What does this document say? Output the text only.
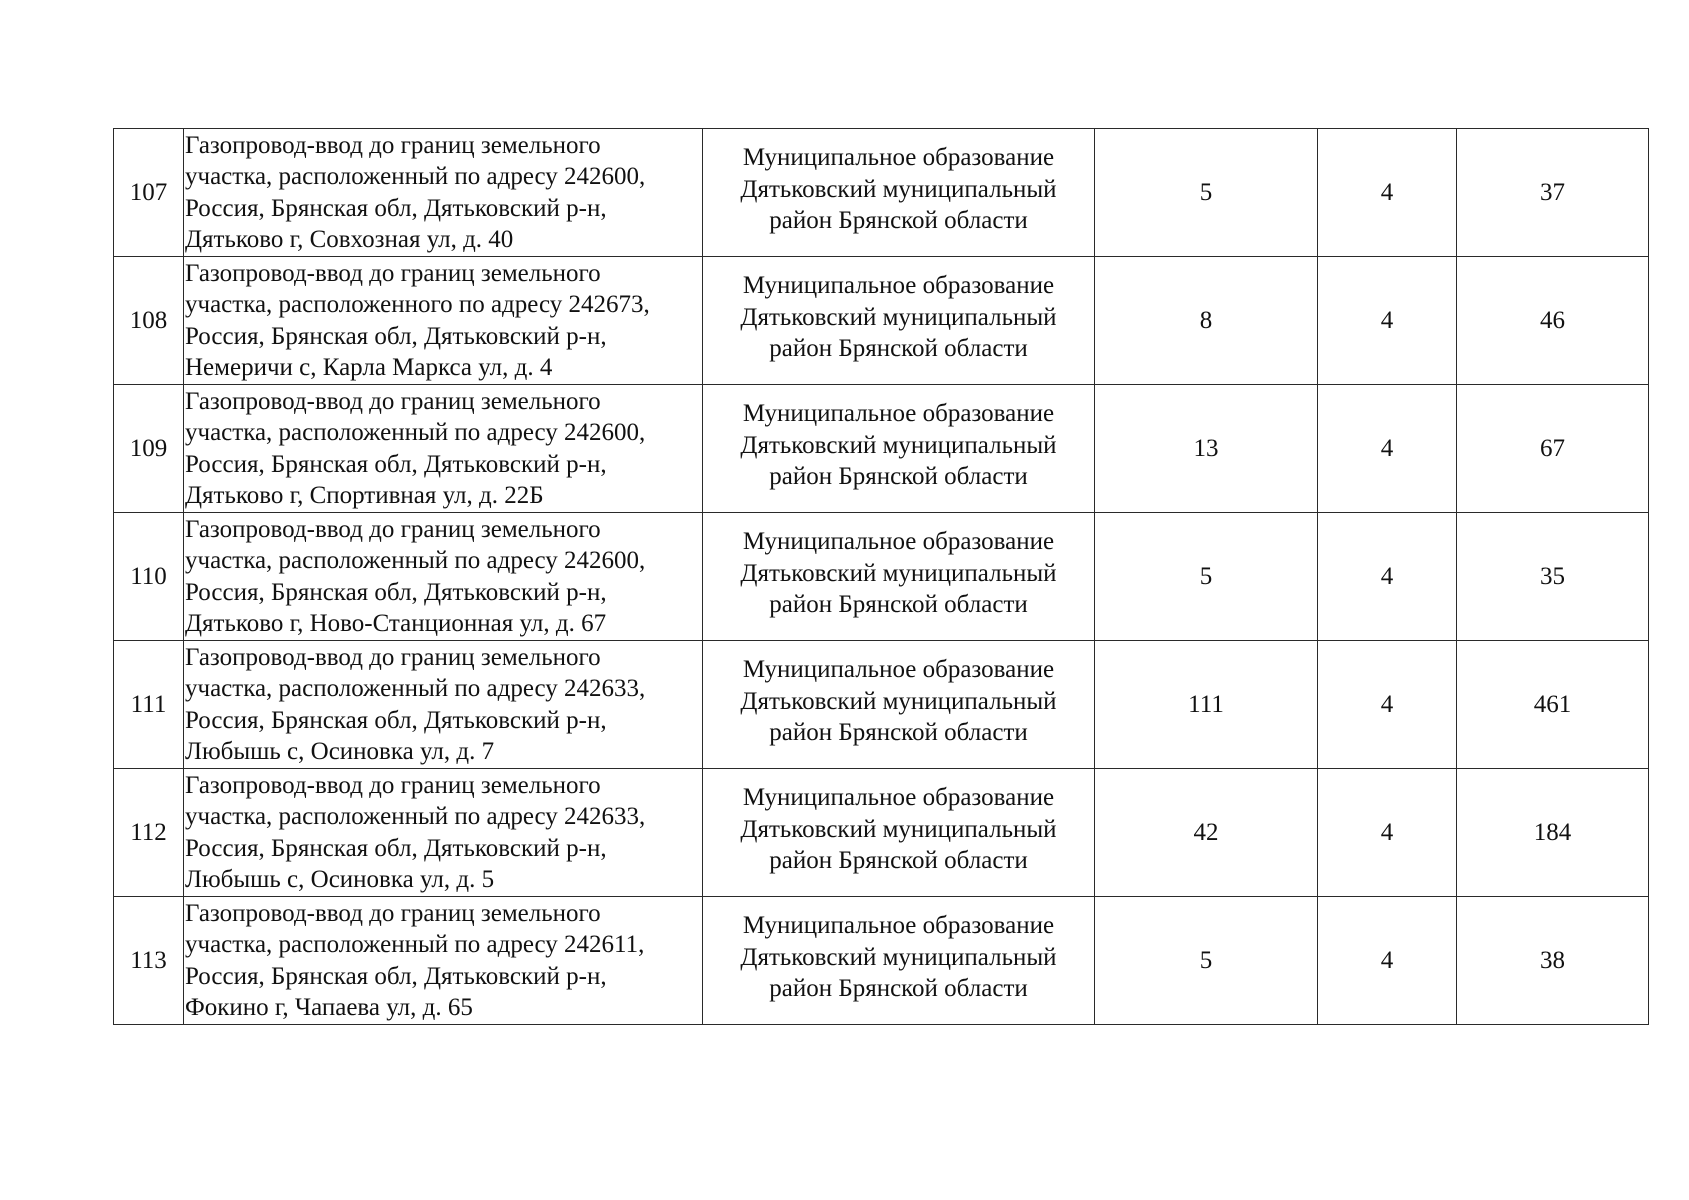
107	Газопровод-ввод до границ земельного
участка, расположенный по адресу 242600,
Россия, Брянская обл, Дятьковский р-н,
Дятьково г, Совхозная ул, д. 40	Муниципальное образование
Дятьковский муниципальный
район Брянской области	5	4	37
108	Газопровод-ввод до границ земельного
участка, расположенного по адресу 242673,
Россия, Брянская обл, Дятьковский р-н,
Немеричи с, Карла Маркса ул, д. 4	Муниципальное образование
Дятьковский муниципальный
район Брянской области	8	4	46
109	Газопровод-ввод до границ земельного
участка, расположенный по адресу 242600,
Россия, Брянская обл, Дятьковский р-н,
Дятьково г, Спортивная ул, д. 22Б	Муниципальное образование
Дятьковский муниципальный
район Брянской области	13	4	67
110	Газопровод-ввод до границ земельного
участка, расположенный по адресу 242600,
Россия, Брянская обл, Дятьковский р-н,
Дятьково г, Ново-Станционная ул, д. 67	Муниципальное образование
Дятьковский муниципальный
район Брянской области	5	4	35
111	Газопровод-ввод до границ земельного
участка, расположенный по адресу 242633,
Россия, Брянская обл, Дятьковский р-н,
Любышь с, Осиновка ул, д. 7	Муниципальное образование
Дятьковский муниципальный
район Брянской области	111	4	461
112	Газопровод-ввод до границ земельного
участка, расположенный по адресу 242633,
Россия, Брянская обл, Дятьковский р-н,
Любышь с, Осиновка ул, д. 5	Муниципальное образование
Дятьковский муниципальный
район Брянской области	42	4	184
113	Газопровод-ввод до границ земельного
участка, расположенный по адресу 242611,
Россия, Брянская обл, Дятьковский р-н,
Фокино г, Чапаева ул, д. 65	Муниципальное образование
Дятьковский муниципальный
район Брянской области	5	4	38
